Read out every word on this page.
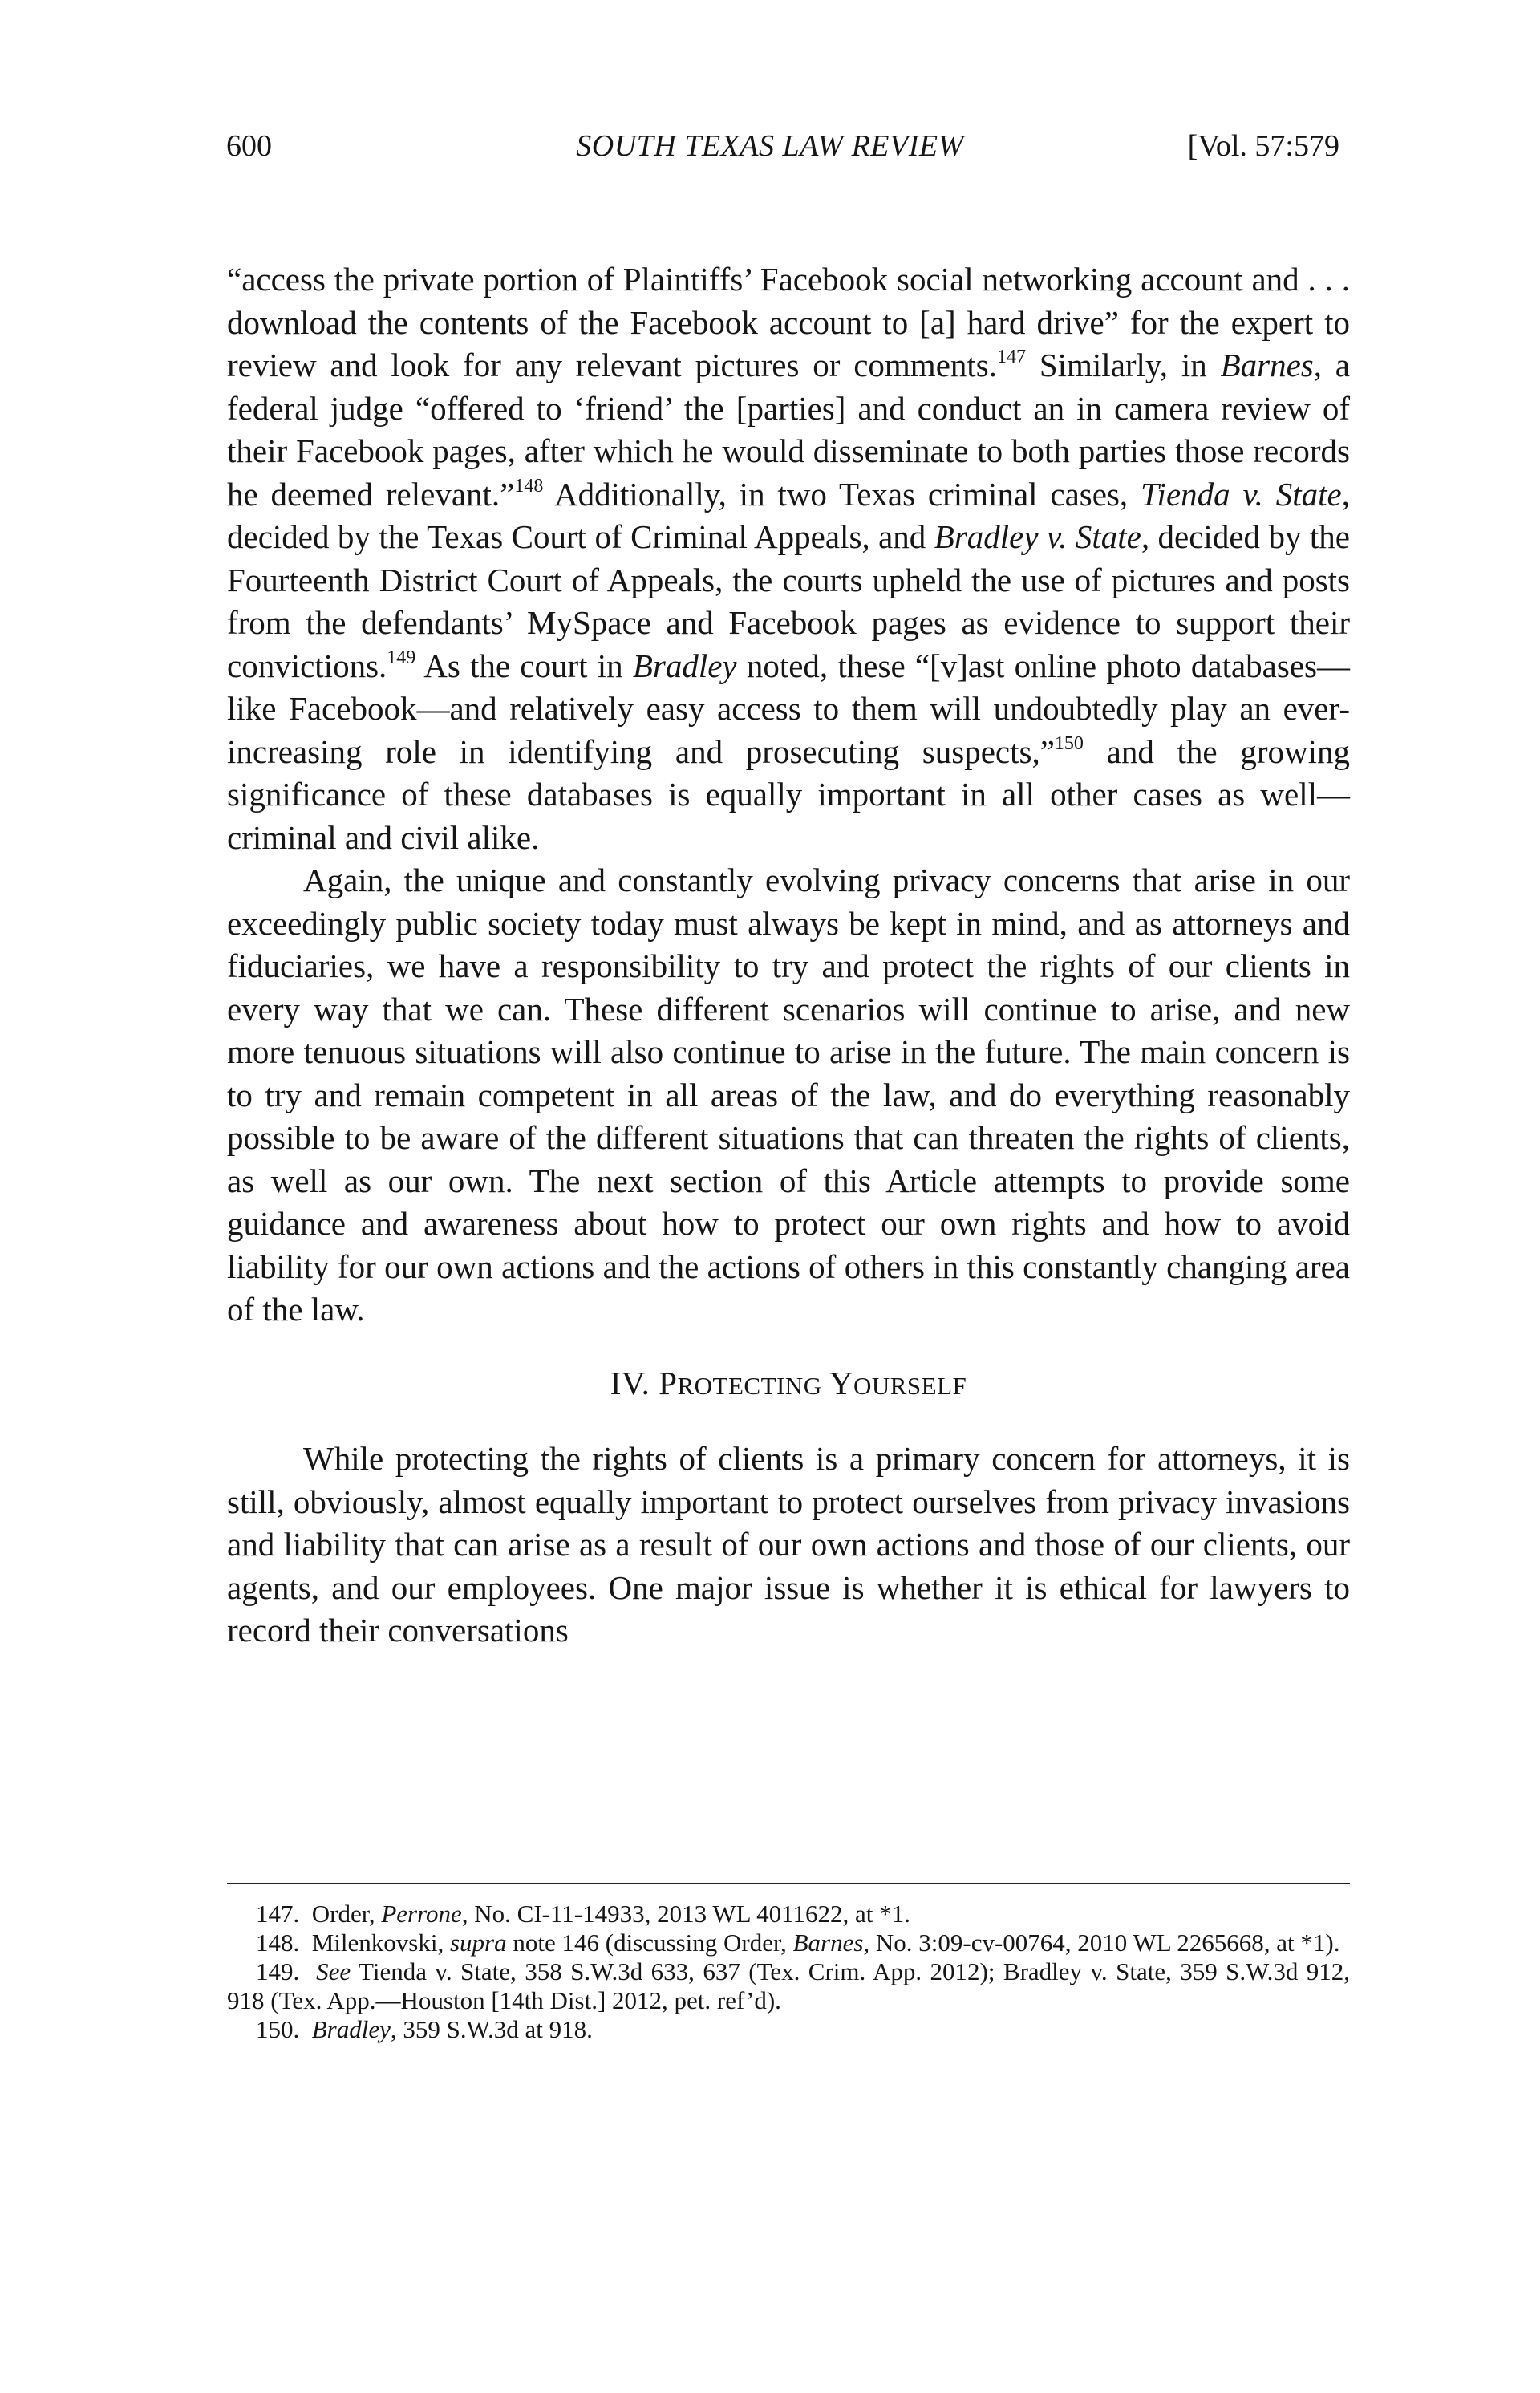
600	SOUTH TEXAS LAW REVIEW	[Vol. 57:579

“access the private portion of Plaintiffs’ Facebook social networking account and . . . download the contents of the Facebook account to [a] hard drive” for the expert to review and look for any relevant pictures or comments.$^{147}$ Similarly, in Barnes, a federal judge “offered to ‘friend’ the [parties] and conduct an in camera review of their Facebook pages, after which he would disseminate to both parties those records he deemed relevant.”$^{148}$ Additionally, in two Texas criminal cases, Tienda v. State, decided by the Texas Court of Criminal Appeals, and Bradley v. State, decided by the Fourteenth District Court of Appeals, the courts upheld the use of pictures and posts from the defendants’ MySpace and Facebook pages as evidence to support their convictions.$^{149}$ As the court in Bradley noted, these “[v]ast online photo databases—like Facebook—and relatively easy access to them will undoubtedly play an ever-increasing role in identifying and prosecuting suspects,”$^{150}$ and the growing significance of these databases is equally important in all other cases as well—criminal and civil alike.

Again, the unique and constantly evolving privacy concerns that arise in our exceedingly public society today must always be kept in mind, and as attorneys and fiduciaries, we have a responsibility to try and protect the rights of our clients in every way that we can. These different scenarios will continue to arise, and new more tenuous situations will also continue to arise in the future. The main concern is to try and remain competent in all areas of the law, and do everything reasonably possible to be aware of the different situations that can threaten the rights of clients, as well as our own. The next section of this Article attempts to provide some guidance and awareness about how to protect our own rights and how to avoid liability for our own actions and the actions of others in this constantly changing area of the law.

IV. PROTECTING YOURSELF

While protecting the rights of clients is a primary concern for attorneys, it is still, obviously, almost equally important to protect ourselves from privacy invasions and liability that can arise as a result of our own actions and those of our clients, our agents, and our employees. One major issue is whether it is ethical for lawyers to record their conversations

147. Order, Perrone, No. CI-11-14933, 2013 WL 4011622, at *1.

148. Milenkovski, supra note 146 (discussing Order, Barnes, No. 3:09-cv-00764, 2010 WL 2265668, at *1).

149. See Tienda v. State, 358 S.W.3d 633, 637 (Tex. Crim. App. 2012); Bradley v. State, 359 S.W.3d 912, 918 (Tex. App.—Houston [14th Dist.] 2012, pet. ref’d).

150. Bradley, 359 S.W.3d at 918.
